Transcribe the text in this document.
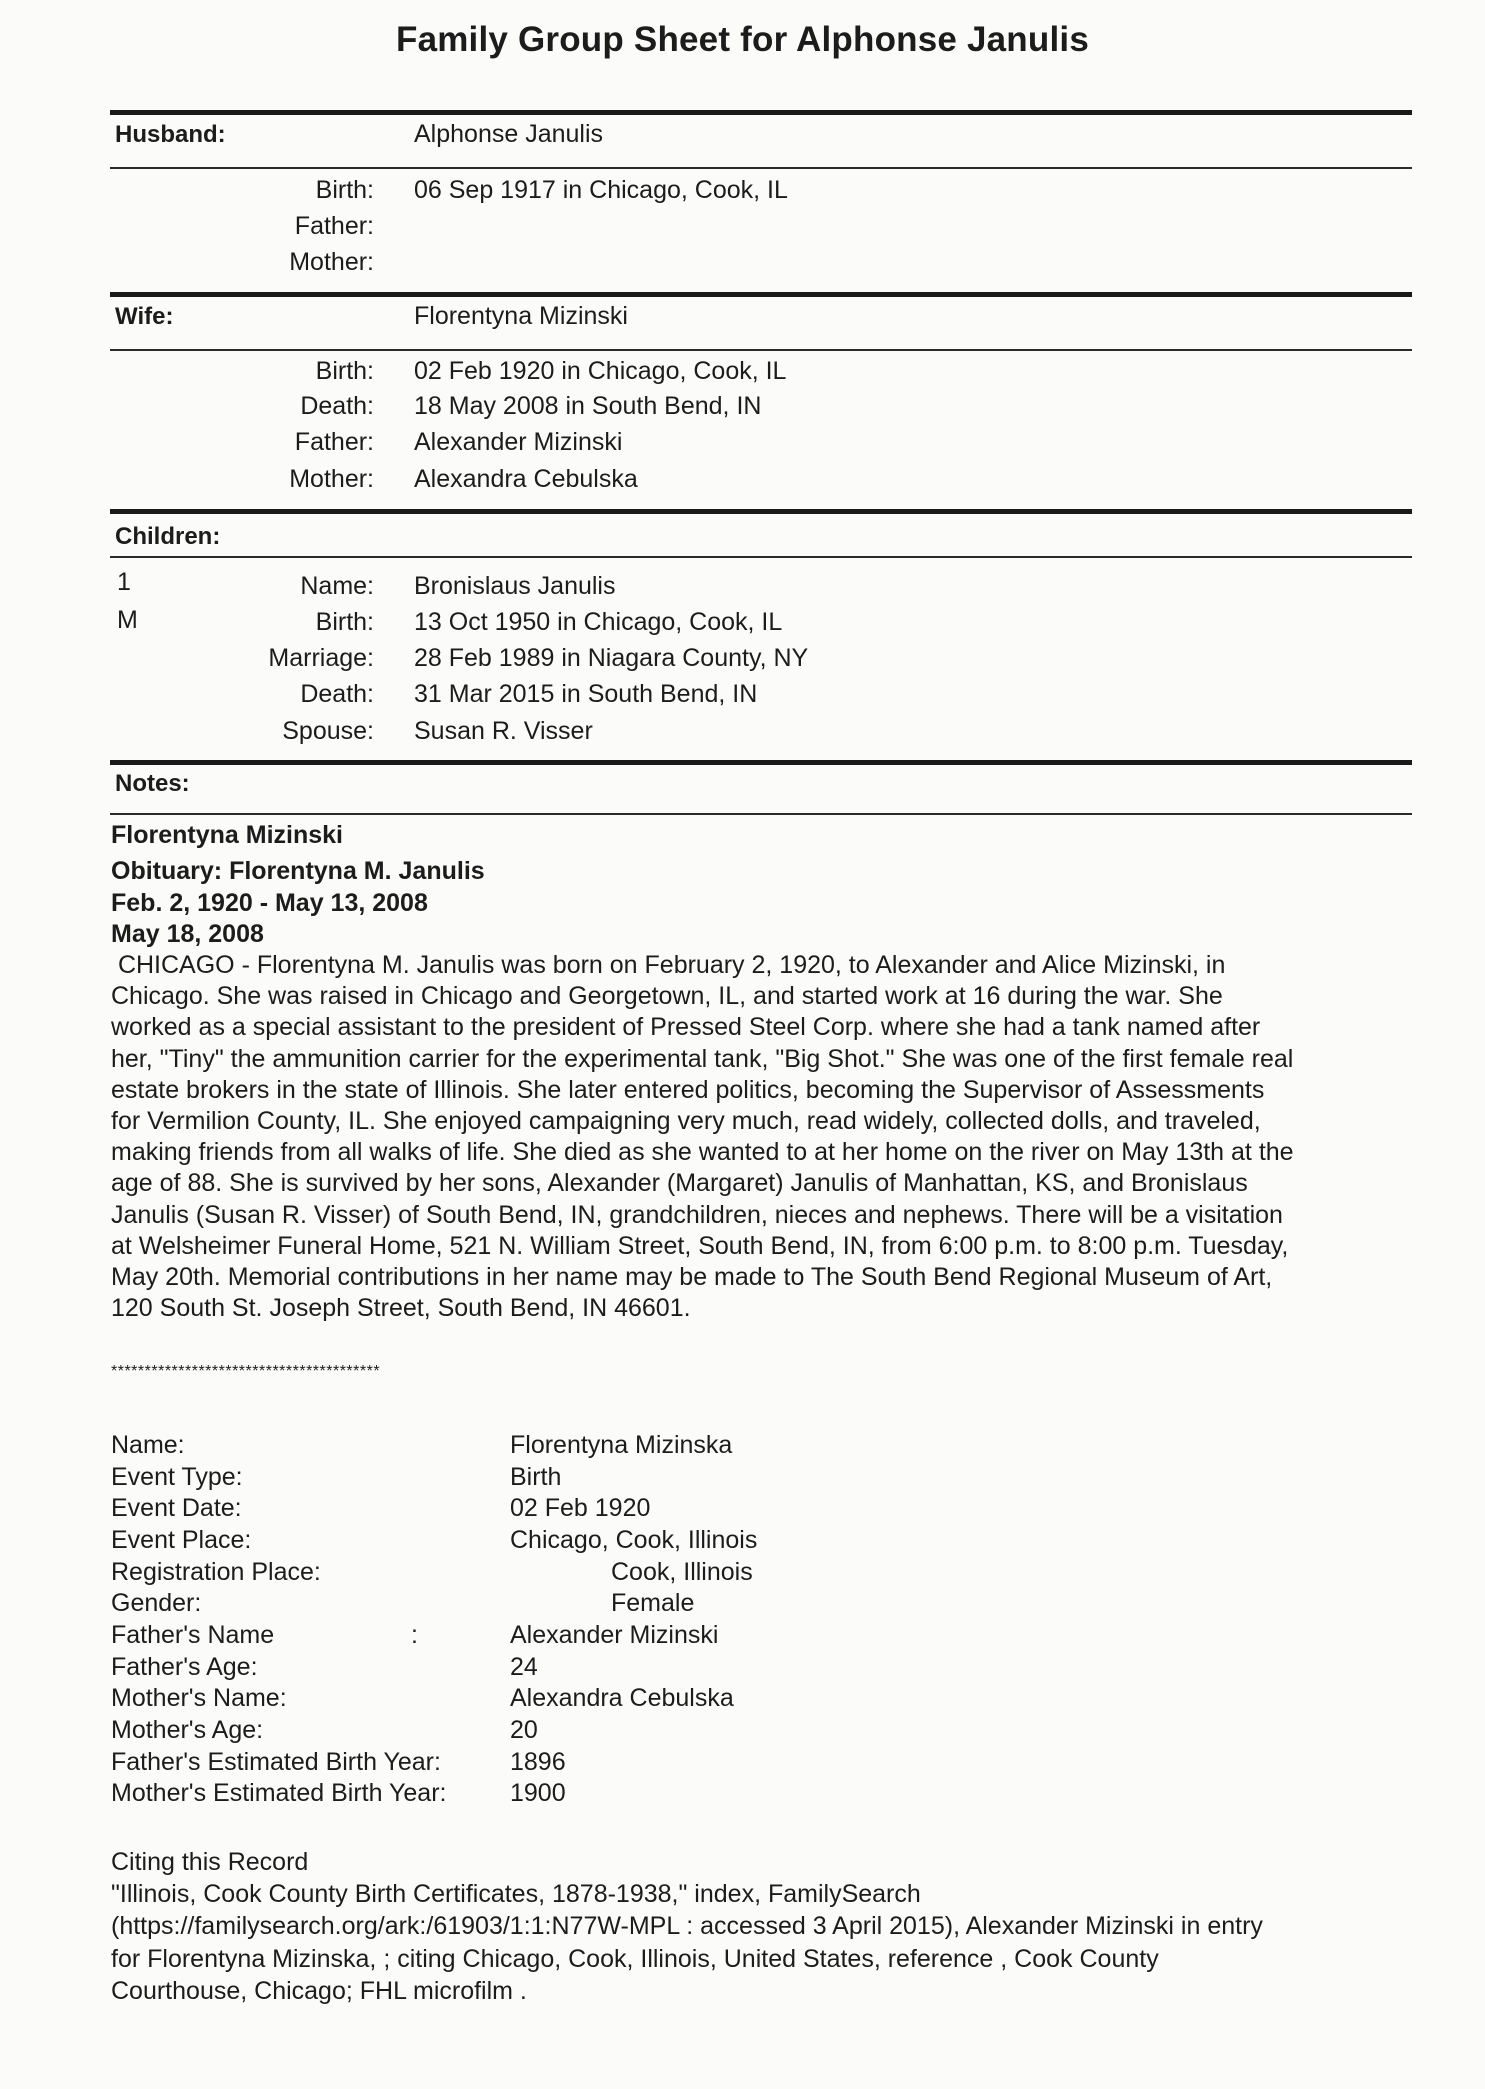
Family Group Sheet for Alphonse Janulis
Husband:	Alphonse Janulis
Birth: 06 Sep 1917 in Chicago, Cook, IL
Father:
Mother:
Wife:	Florentyna Mizinski
Birth: 02 Feb 1920 in Chicago, Cook, IL
Death: 18 May 2008 in South Bend, IN
Father: Alexander Mizinski
Mother: Alexandra Cebulska
Children:
1
M
Name: Bronislaus Janulis
Birth: 13 Oct 1950 in Chicago, Cook, IL
Marriage: 28 Feb 1989 in Niagara County, NY
Death: 31 Mar 2015 in South Bend, IN
Spouse: Susan R. Visser
Notes:
Florentyna Mizinski
Obituary: Florentyna M. Janulis
Feb. 2, 1920 - May 13, 2008
May 18, 2008
CHICAGO - Florentyna M. Janulis was born on February 2, 1920, to Alexander and Alice Mizinski, in
Chicago. She was raised in Chicago and Georgetown, IL, and started work at 16 during the war. She
worked as a special assistant to the president of Pressed Steel Corp. where she had a tank named after
her, "Tiny" the ammunition carrier for the experimental tank, "Big Shot." She was one of the first female real
estate brokers in the state of Illinois. She later entered politics, becoming the Supervisor of Assessments
for Vermilion County, IL. She enjoyed campaigning very much, read widely, collected dolls, and traveled,
making friends from all walks of life. She died as she wanted to at her home on the river on May 13th at the
age of 88. She is survived by her sons, Alexander (Margaret) Janulis of Manhattan, KS, and Bronislaus
Janulis (Susan R. Visser) of South Bend, IN, grandchildren, nieces and nephews. There will be a visitation
at Welsheimer Funeral Home, 521 N. William Street, South Bend, IN, from 6:00 p.m. to 8:00 p.m. Tuesday,
May 20th. Memorial contributions in her name may be made to The South Bend Regional Museum of Art,
120 South St. Joseph Street, South Bend, IN 46601.
****************************************
Name:	Florentyna Mizinska
Event Type:	Birth
Event Date:	02 Feb 1920
Event Place:	Chicago, Cook, Illinois
Registration Place:	Cook, Illinois
Gender:	Female
Father's Name	:	Alexander Mizinski
Father's Age:	24
Mother's Name:	Alexandra Cebulska
Mother's Age:	20
Father's Estimated Birth Year:	1896
Mother's Estimated Birth Year:	1900
Citing this Record
"Illinois, Cook County Birth Certificates, 1878-1938," index, FamilySearch
(https://familysearch.org/ark:/61903/1:1:N77W-MPL : accessed 3 April 2015), Alexander Mizinski in entry
for Florentyna Mizinska, ; citing Chicago, Cook, Illinois, United States, reference , Cook County
Courthouse, Chicago; FHL microfilm .
